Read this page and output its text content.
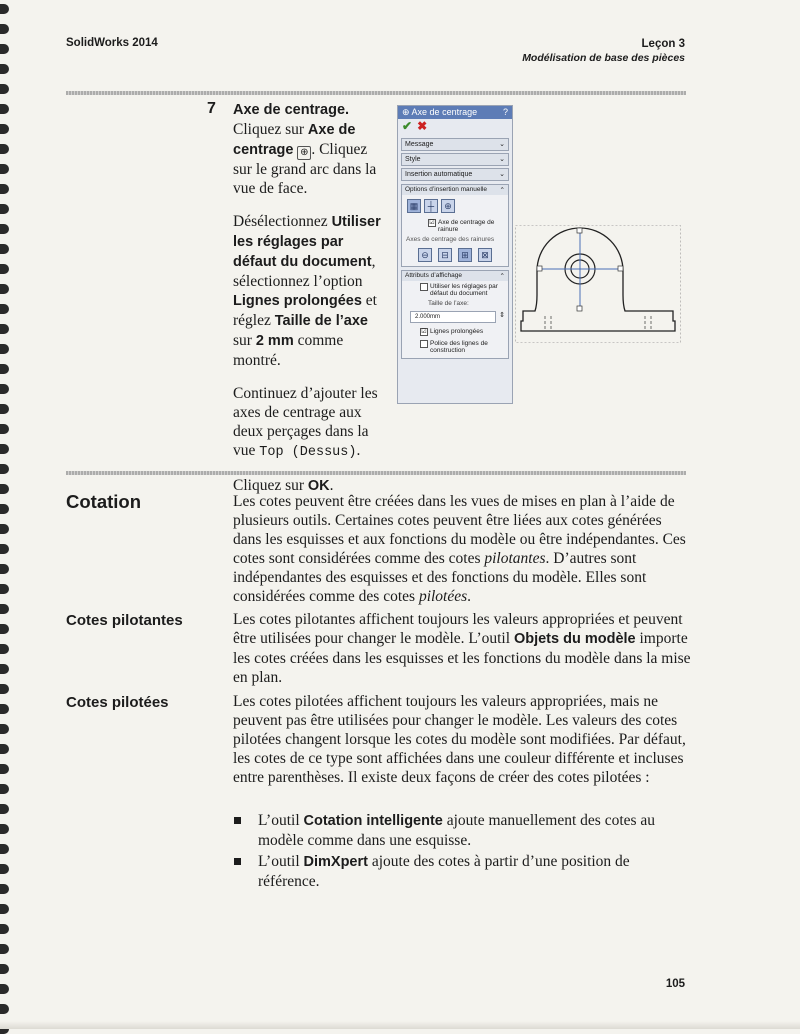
SolidWorks 2014	Leçon 3
Modélisation de base des pièces
7 Axe de centrage.

Cliquez sur Axe de centrage ⊕ . Cliquez sur le grand arc dans la vue de face.

Désélectionnez Utiliser les réglages par défaut du document, sélectionnez l’option Lignes prolongées et réglez Taille de l’axe sur 2 mm comme montré.

Continuez d’ajouter les axes de centrage aux deux perçages dans la vue Top (Dessus).

Cliquez sur OK.

⊕ Axe de centrage	?
✔ ✖
Message	⌄
Style	⌄
Insertion automatique	⌄
Options d’insertion manuelle ⌃
▦	┼	⊕
☑ Axe de centrage de rainure
Axes de centrage des rainures
⊖	⊟	⊞	⊠
Attributs d’affichage	⌃
Utiliser les réglages par défaut du document
Taille de l’axe:
2.000mm	⇕
☑ Lignes prolongées
Police des lignes de construction
Cotation	Les cotes peuvent être créées dans les vues de mises en plan à l’aide de plusieurs outils. Certaines cotes peuvent être liées aux cotes générées dans les esquisses et aux fonctions du modèle ou être indépendantes. Ces cotes sont considérées comme des cotes pilotantes. D’autres sont indépendantes des esquisses et des fonctions du modèle. Elles sont considérées comme des cotes pilotées.

Cotes pilotantes	Les cotes pilotantes affichent toujours les valeurs appropriées et peuvent être utilisées pour changer le modèle. L’outil Objets du modèle importe les cotes créées dans les esquisses et les fonctions du modèle dans la mise en plan.

Cotes pilotées	Les cotes pilotées affichent toujours les valeurs appropriées, mais ne peuvent pas être utilisées pour changer le modèle. Les valeurs des cotes pilotées changent lorsque les cotes du modèle sont modifiées. Par défaut, les cotes de ce type sont affichées dans une couleur différente et incluses entre parenthèses. Il existe deux façons de créer des cotes pilotées :
L’outil Cotation intelligente ajoute manuellement des cotes au modèle comme dans une esquisse.
L’outil DimXpert ajoute des cotes à partir d’une position de référence.
105
